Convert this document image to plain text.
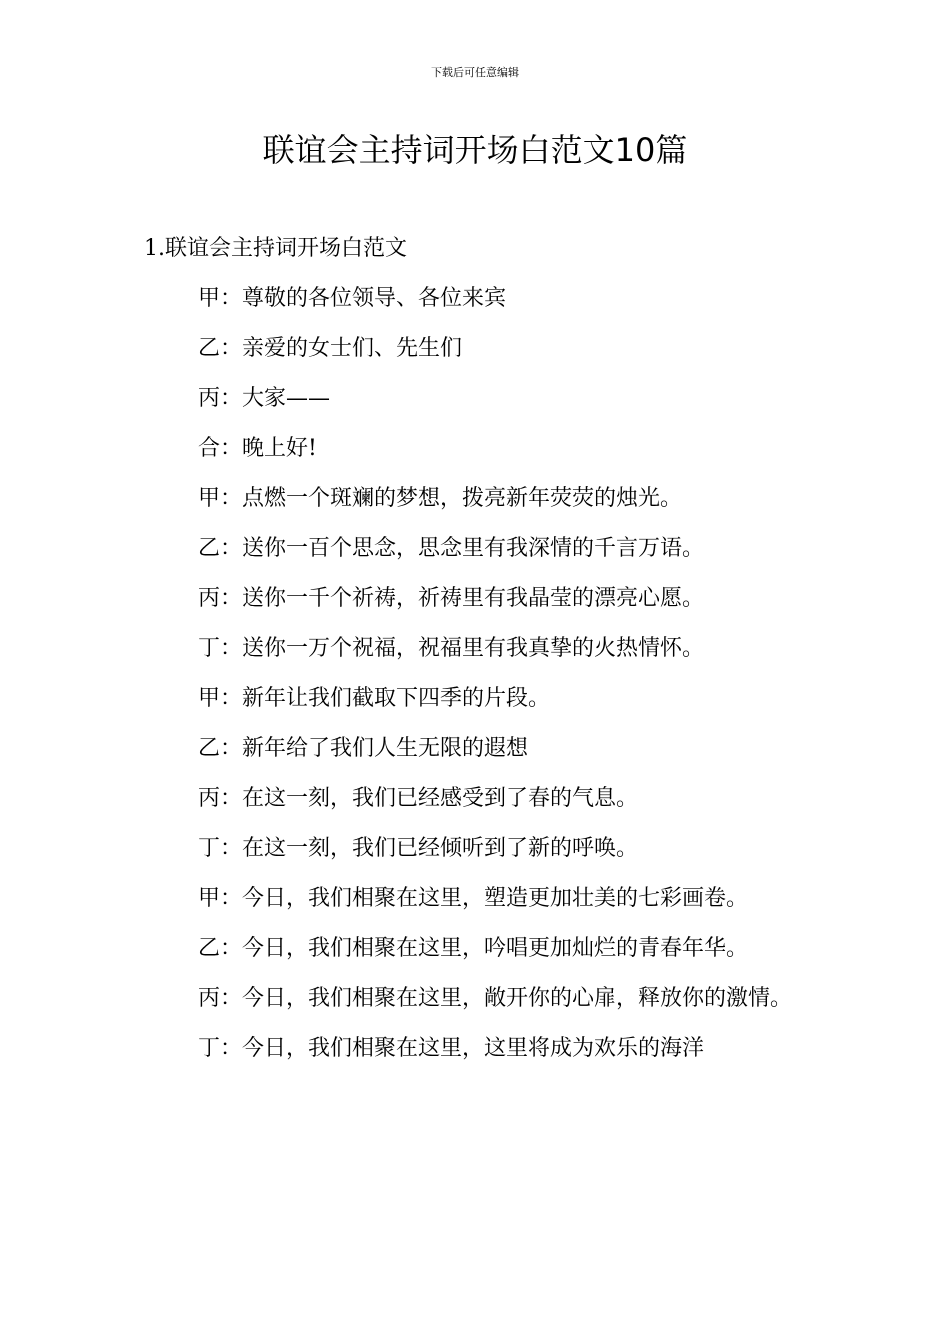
下载后可任意编辑
联谊会主持词开场白范文10篇

1.联谊会主持词开场白范文

甲：尊敬的各位领导、各位来宾

乙：亲爱的女士们、先生们

丙：大家——

合：晚上好!

甲：点燃一个斑斓的梦想，拨亮新年荧荧的烛光。

乙：送你一百个思念，思念里有我深情的千言万语。

丙：送你一千个祈祷，祈祷里有我晶莹的漂亮心愿。

丁：送你一万个祝福，祝福里有我真挚的火热情怀。

甲：新年让我们截取下四季的片段。

乙：新年给了我们人生无限的遐想

丙：在这一刻，我们已经感受到了春的气息。

丁：在这一刻，我们已经倾听到了新的呼唤。

甲：今日，我们相聚在这里，塑造更加壮美的七彩画卷。

乙：今日，我们相聚在这里，吟唱更加灿烂的青春年华。

丙：今日，我们相聚在这里，敞开你的心扉，释放你的激情。

丁：今日，我们相聚在这里，这里将成为欢乐的海洋
